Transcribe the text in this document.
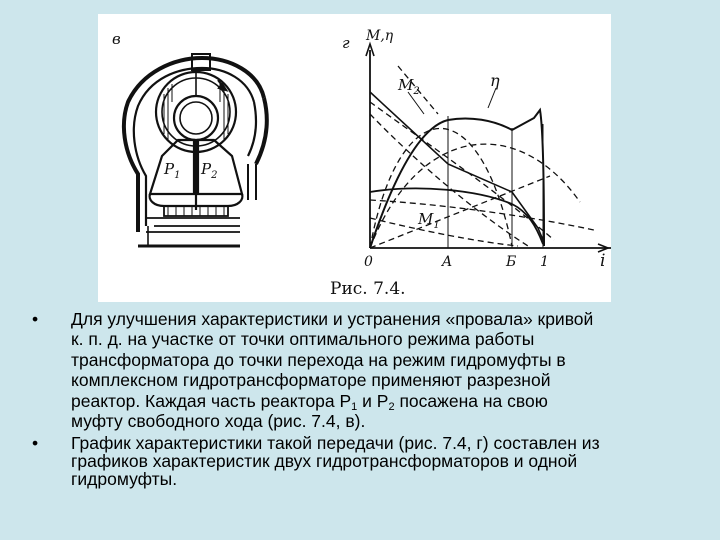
в
$P_1$ $P_2$
г M,η
i
$M_2$
η
$M_1$
0	A	Б 1
Рис. 7.4.
•	Для улучшения характеристики и устранения «провала» кривой
к. п. д. на участке от точки оптимального режима работы
трансформатора до точки перехода на режим гидромуфты в
комплексном гидротрансформаторе применяют разрезной
реактор. Каждая часть реактора $Р_1$ и $Р_2$ посажена на свою
муфту свободного хода (рис. 7.4, в).
•	График характеристики такой передачи (рис. 7.4, г) составлен из
графиков характеристик двух гидротрансформаторов и одной
гидромуфты.
